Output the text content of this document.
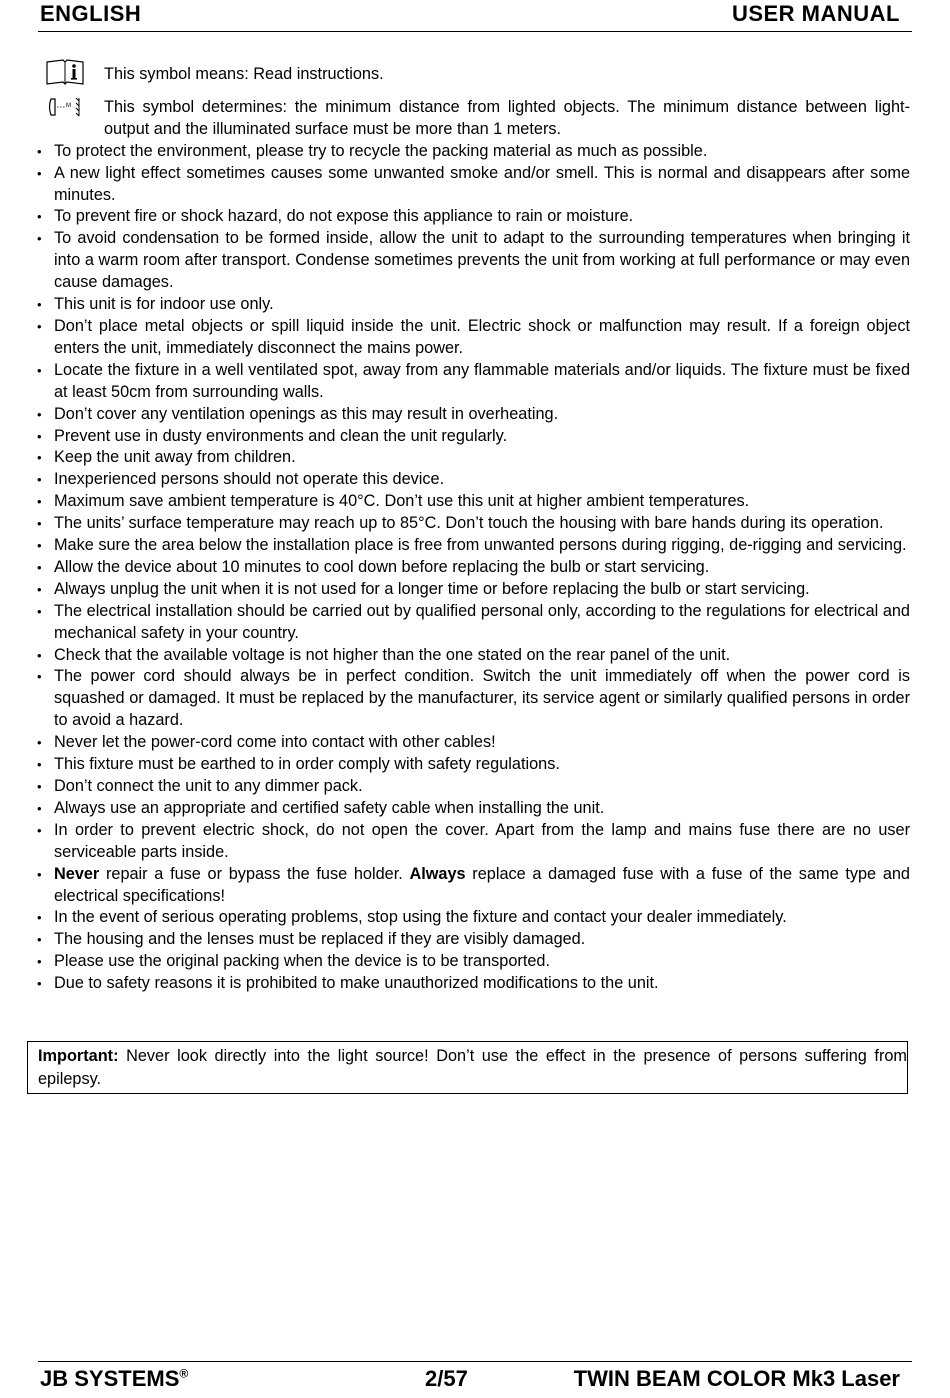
ENGLISH	USER MANUAL
This symbol means: Read instructions.
M This symbol determines: the minimum distance from lighted objects. The minimum distance between light-output and the illuminated surface must be more than 1 meters.
• To protect the environment, please try to recycle the packing material as much as possible.
• A new light effect sometimes causes some unwanted smoke and/or smell. This is normal and disappears after some minutes.
• To prevent fire or shock hazard, do not expose this appliance to rain or moisture.
• To avoid condensation to be formed inside, allow the unit to adapt to the surrounding temperatures when bringing it into a warm room after transport. Condense sometimes prevents the unit from working at full performance or may even cause damages.
• This unit is for indoor use only.
• Don’t place metal objects or spill liquid inside the unit. Electric shock or malfunction may result. If a foreign object enters the unit, immediately disconnect the mains power.
• Locate the fixture in a well ventilated spot, away from any flammable materials and/or liquids. The fixture must be fixed at least 50cm from surrounding walls.
• Don’t cover any ventilation openings as this may result in overheating.
• Prevent use in dusty environments and clean the unit regularly.
• Keep the unit away from children.
• Inexperienced persons should not operate this device.
• Maximum save ambient temperature is 40°C. Don’t use this unit at higher ambient temperatures.
• The units’ surface temperature may reach up to 85°C. Don’t touch the housing with bare hands during its operation.
• Make sure the area below the installation place is free from unwanted persons during rigging, de-rigging and servicing.
• Allow the device about 10 minutes to cool down before replacing the bulb or start servicing.
• Always unplug the unit when it is not used for a longer time or before replacing the bulb or start servicing.
• The electrical installation should be carried out by qualified personal only, according to the regulations for electrical and mechanical safety in your country.
• Check that the available voltage is not higher than the one stated on the rear panel of the unit.
• The power cord should always be in perfect condition. Switch the unit immediately off when the power cord is squashed or damaged. It must be replaced by the manufacturer, its service agent or similarly qualified persons in order to avoid a hazard.
• Never let the power-cord come into contact with other cables!
• This fixture must be earthed to in order comply with safety regulations.
• Don’t connect the unit to any dimmer pack.
• Always use an appropriate and certified safety cable when installing the unit.
• In order to prevent electric shock, do not open the cover. Apart from the lamp and mains fuse there are no user serviceable parts inside.
• Never repair a fuse or bypass the fuse holder. Always replace a damaged fuse with a fuse of the same type and electrical specifications!
• In the event of serious operating problems, stop using the fixture and contact your dealer immediately.
• The housing and the lenses must be replaced if they are visibly damaged.
• Please use the original packing when the device is to be transported.
• Due to safety reasons it is prohibited to make unauthorized modifications to the unit.
Important: Never look directly into the light source! Don’t use the effect in the presence of persons suffering from epilepsy.
JB SYSTEMS®	2/57	TWIN BEAM COLOR Mk3 Laser
